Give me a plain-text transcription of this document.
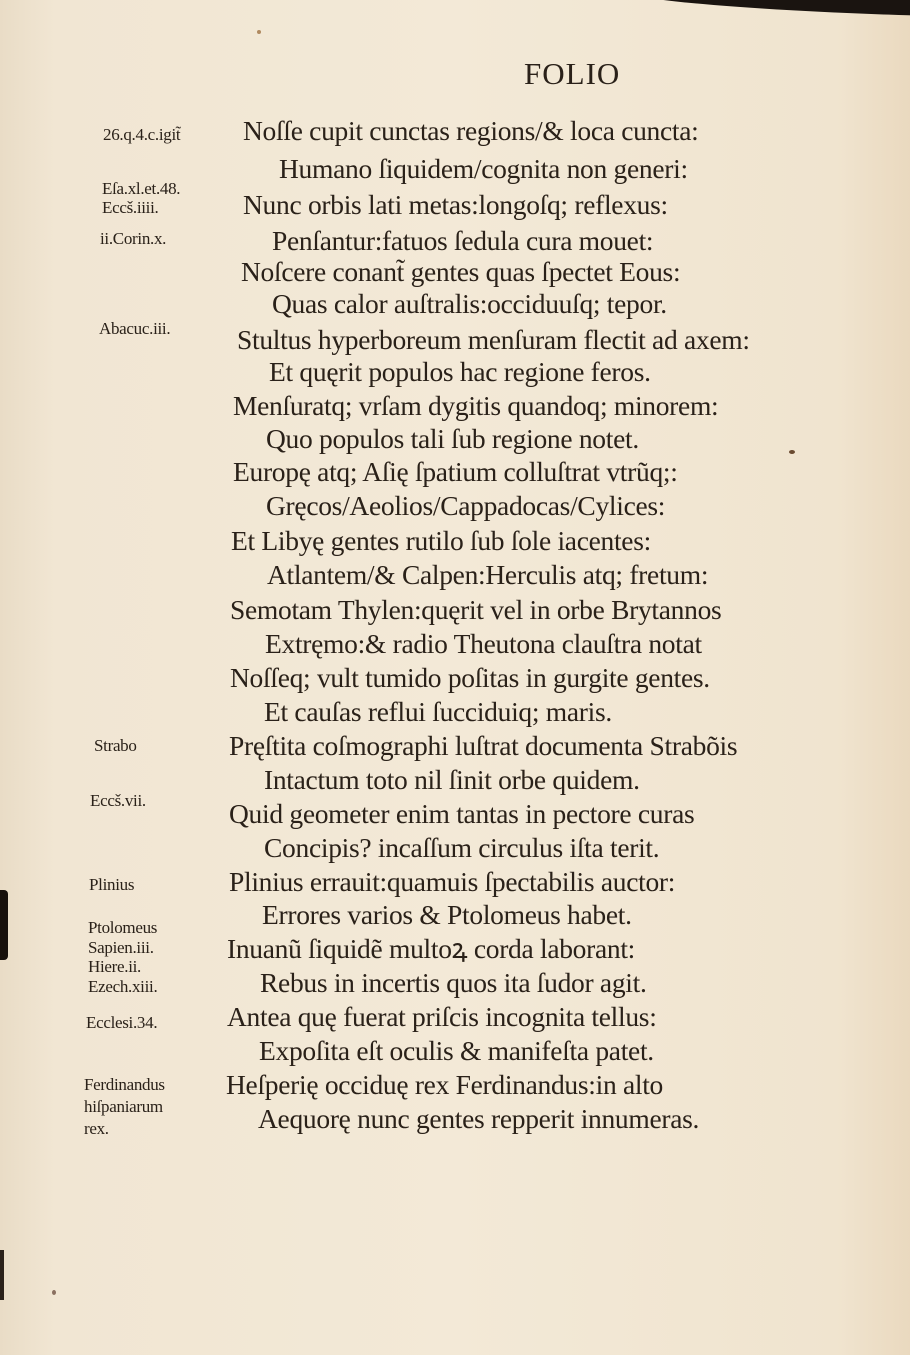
FOLIO
Noſſe cupit cunctas regions/& loca cuncta:
Humano ſiquidem/cognita non generi:
Nunc orbis lati metas:longoſq; reflexus:
Penſantur:fatuos ſedula cura mouet:
Noſcere conant̃ gentes quas ſpectet Eous:
Quas calor auſtralis:occiduuſq; tepor.
Stultus hyperboreum menſuram flectit ad axem:
Et quęrit populos hac regione feros.
Menſuratq; vrſam dygitis quandoq; minorem:
Quo populos tali ſub regione notet.
Europę atq; Aſię ſpatium colluſtrat vtrũq;:
Gręcos/Aeolios/Cappadocas/Cylices:
Et Libyę gentes rutilo ſub ſole iacentes:
Atlantem/& Calpen:Herculis atq; fretum:
Semotam Thylen:quęrit vel in orbe Brytannos
Extręmo:& radio Theutona clauſtra notat
Noſſeq; vult tumido poſitas in gurgite gentes.
Et cauſas reflui ſucciduiq; maris.
Pręſtita coſmographi luſtrat documenta Strabõis
Intactum toto nil ſinit orbe quidem.
Quid geometer enim tantas in pectore curas
Concipis? incaſſum circulus iſta terit.
Plinius errauit:quamuis ſpectabilis auctor:
Errores varios & Ptolomeus habet.
Inuanũ ſiquidẽ multoꝝ corda laborant:
Rebus in incertis quos ita ſudor agit.
Antea quę fuerat priſcis incognita tellus:
Expoſita eſt oculis & manifeſta patet.
Heſperię occiduę rex Ferdinandus:in alto
Aequorę nunc gentes repperit innumeras.
26.q.4.c.igit̃
Eſa.xl.et.48.
Eccš.iiii.
ii.Corin.x.
Abacuc.iii.
Strabo
Eccš.vii.
Plinius
Ptolomeus
Sapien.iii.
Hiere.ii.
Ezech.xiii.
Ecclesi.34.
Ferdinandus
hiſpaniarum
rex.
